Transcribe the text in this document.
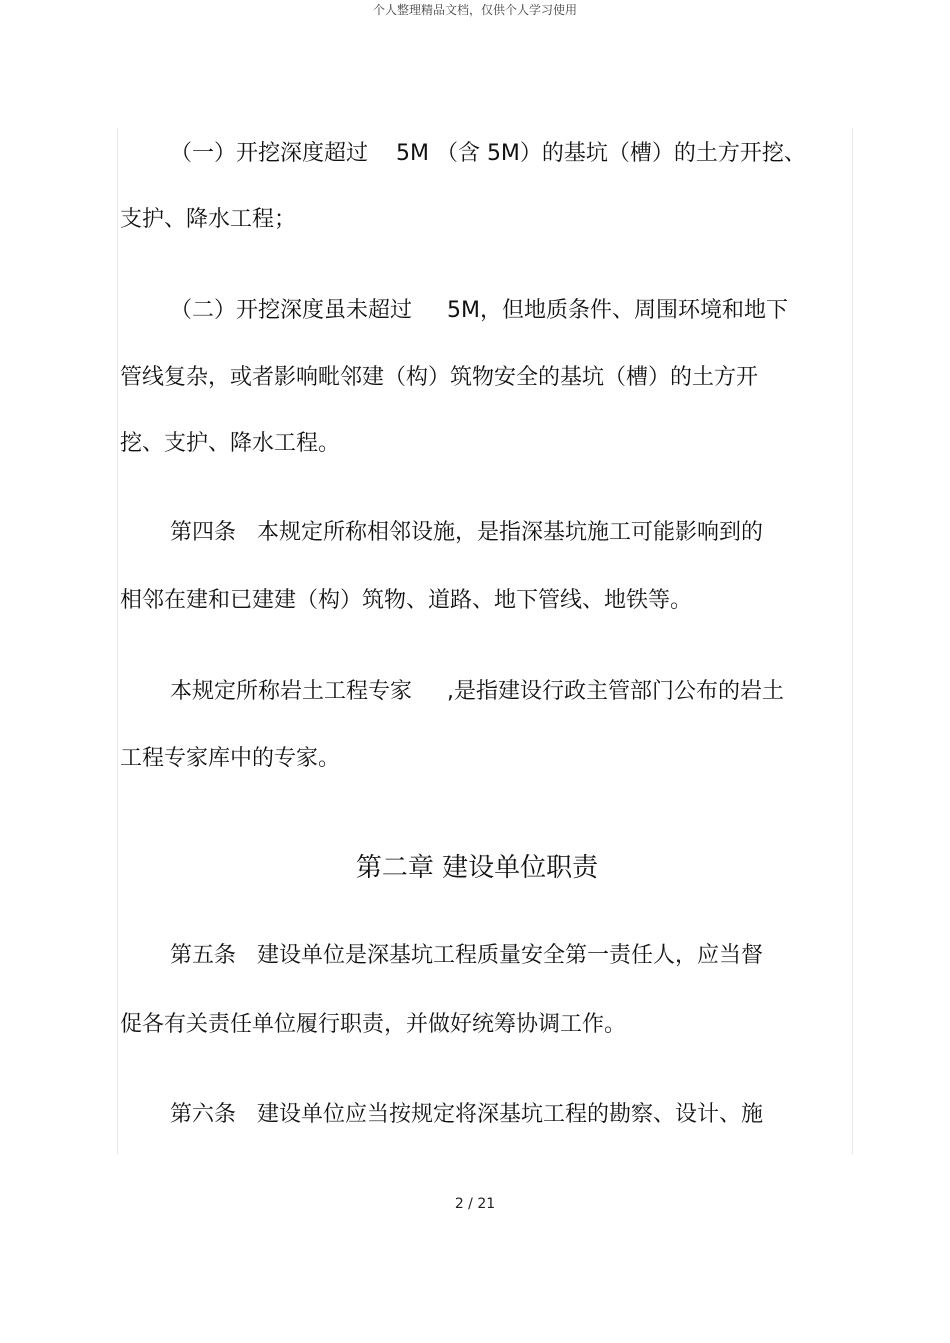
个人整理精品文档，仅供个人学习使用
（一）开挖深度超过    5M （含 5M）的基坑（槽）的土方开挖、
支护、降水工程；
（二）开挖深度虽未超过     5M，但地质条件、周围环境和地下
管线复杂，或者影响毗邻建（构）筑物安全的基坑（槽）的土方开
挖、支护、降水工程。
第四条   本规定所称相邻设施，是指深基坑施工可能影响到的
相邻在建和已建建（构）筑物、道路、地下管线、地铁等。
本规定所称岩土工程专家     ,是指建设行政主管部门公布的岩土
工程专家库中的专家。
第二章 建设单位职责
第五条   建设单位是深基坑工程质量安全第一责任人，应当督
促各有关责任单位履行职责，并做好统筹协调工作。
第六条   建设单位应当按规定将深基坑工程的勘察、设计、施
2 / 21
